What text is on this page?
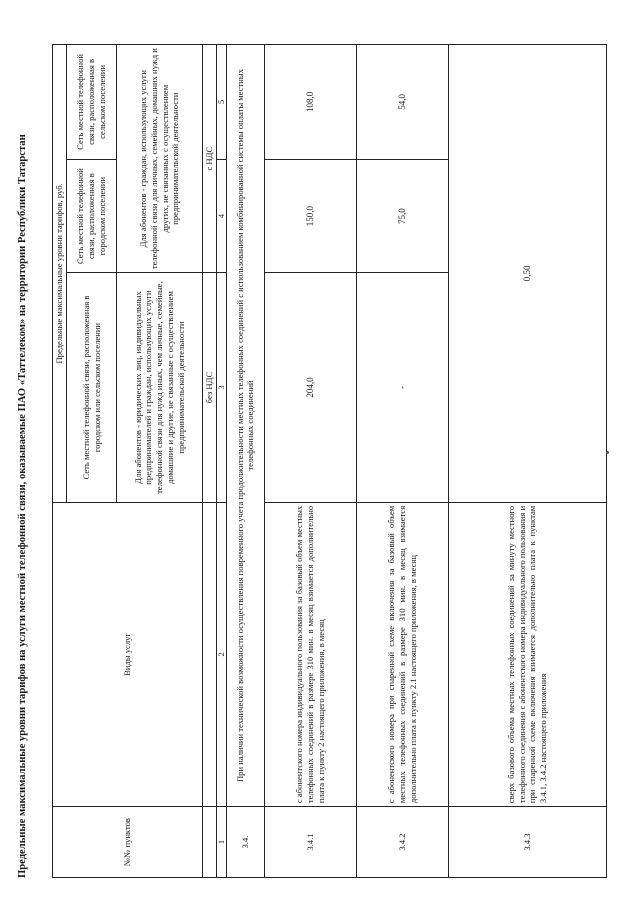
Предельные максимальные уровни тарифов на услуги местной телефонной связи, оказываемые ПАО «Таттелеком» на территории Республики Татарстан	№№ пунктов	Виды услуг	Предельные максимальные уровни тарифов, руб.		
		Сеть местной телефонной связи, расположенная в городском или сельском поселении	Сеть местной телефонной связи, расположенная в городском поселении	Сеть местной телефонной связи, расположенная в сельском поселении
		Для абонентов - юридических лиц, индивидуальных предпринимателей и граждан, использующих услуги телефонной связи для нужд иных, чем личные, семейные, домашние и другие, не связанные с осуществлением предпринимательской деятельности	Для абонентов - граждан, использующих услуги телефонной связи для личных, семейных, домашних нужд и других, не связанных с осуществлением предпринимательской деятельности	
		без НДС	с НДС	
1	2	3	4	5
3.4.	При наличии технической возможности осуществления повременного учета продолжительности местных телефонных соединений с использованием комбинированной системы оплаты местных телефонных соединений			
3.4.1	с абонентского номера индивидуального пользования за базовый объем местных телефонных соединений в размере 310 мин. в месяц взимается дополнительно плата к пункту 2 настоящего приложения, в месяц	204,0	150,0	108,0
3.4.2	с абонентского номера при спаренной схеме включения за базовый объем местных телефонных соединений в размере 310 мин. в месяц взимается дополнительно плата к пункту 2.1 настоящего приложения, в месяц	-	75,0	54,0
3.4.3	сверх базового объема местных телефонных соединений за минуту местного телефонного соединения с абонентского номера индивидуального пользования и при спаренной схеме включения взимается дополнительно плата к пунктам 3.4.1, 3.4.2 настоящего приложения	0,50		
